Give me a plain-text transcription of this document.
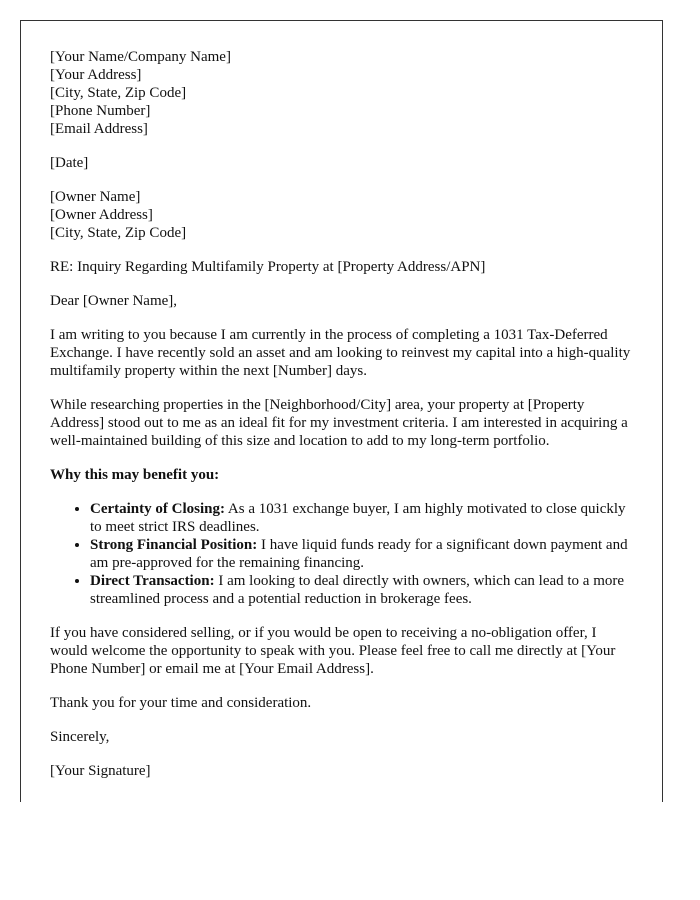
[Your Name/Company Name]
[Your Address]
[City, State, Zip Code]
[Phone Number]
[Email Address]

[Date]

[Owner Name]
[Owner Address]
[City, State, Zip Code]

RE: Inquiry Regarding Multifamily Property at [Property Address/APN]

Dear [Owner Name],

I am writing to you because I am currently in the process of completing a 1031 Tax-Deferred Exchange. I have recently sold an asset and am looking to reinvest my capital into a high-quality multifamily property within the next [Number] days.

While researching properties in the [Neighborhood/City] area, your property at [Property Address] stood out to me as an ideal fit for my investment criteria. I am interested in acquiring a well-maintained building of this size and location to add to my long-term portfolio.

Why this may benefit you:

• Certainty of Closing: As a 1031 exchange buyer, I am highly motivated to close quickly to meet strict IRS deadlines.
• Strong Financial Position: I have liquid funds ready for a significant down payment and am pre-approved for the remaining financing.
• Direct Transaction: I am looking to deal directly with owners, which can lead to a more streamlined process and a potential reduction in brokerage fees.

If you have considered selling, or if you would be open to receiving a no-obligation offer, I would welcome the opportunity to speak with you. Please feel free to call me directly at [Your Phone Number] or email me at [Your Email Address].

Thank you for your time and consideration.

Sincerely,

[Your Signature]
